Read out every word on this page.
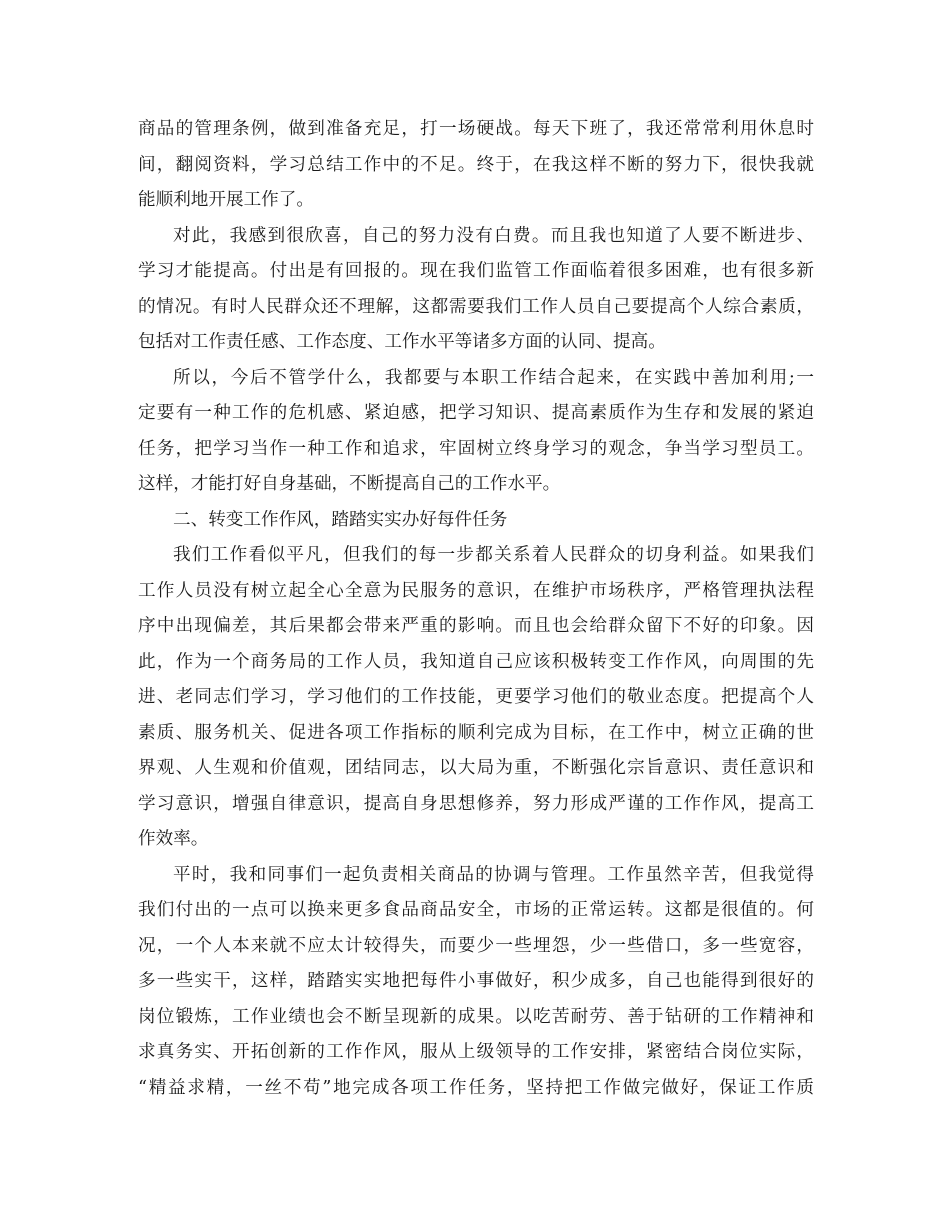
商品的管理条例，做到准备充足，打一场硬战。每天下班了，我还常常利用休息时
间，翻阅资料，学习总结工作中的不足。终于，在我这样不断的努力下，很快我就
能顺利地开展工作了。
对此，我感到很欣喜，自己的努力没有白费。而且我也知道了人要不断进步、
学习才能提高。付出是有回报的。现在我们监管工作面临着很多困难，也有很多新
的情况。有时人民群众还不理解，这都需要我们工作人员自己要提高个人综合素质，
包括对工作责任感、工作态度、工作水平等诸多方面的认同、提高。
所以，今后不管学什么，我都要与本职工作结合起来，在实践中善加利用;一
定要有一种工作的危机感、紧迫感，把学习知识、提高素质作为生存和发展的紧迫
任务，把学习当作一种工作和追求，牢固树立终身学习的观念，争当学习型员工。
这样，才能打好自身基础，不断提高自己的工作水平。
二、转变工作作风，踏踏实实办好每件任务
我们工作看似平凡，但我们的每一步都关系着人民群众的切身利益。如果我们
工作人员没有树立起全心全意为民服务的意识，在维护市场秩序，严格管理执法程
序中出现偏差，其后果都会带来严重的影响。而且也会给群众留下不好的印象。因
此，作为一个商务局的工作人员，我知道自己应该积极转变工作作风，向周围的先
进、老同志们学习，学习他们的工作技能，更要学习他们的敬业态度。把提高个人
素质、服务机关、促进各项工作指标的顺利完成为目标，在工作中，树立正确的世
界观、人生观和价值观，团结同志，以大局为重，不断强化宗旨意识、责任意识和
学习意识，增强自律意识，提高自身思想修养，努力形成严谨的工作作风，提高工
作效率。
平时，我和同事们一起负责相关商品的协调与管理。工作虽然辛苦，但我觉得
我们付出的一点可以换来更多食品商品安全，市场的正常运转。这都是很值的。何
况，一个人本来就不应太计较得失，而要少一些埋怨，少一些借口，多一些宽容，
多一些实干，这样，踏踏实实地把每件小事做好，积少成多，自己也能得到很好的
岗位锻炼，工作业绩也会不断呈现新的成果。以吃苦耐劳、善于钻研的工作精神和
求真务实、开拓创新的工作作风，服从上级领导的工作安排，紧密结合岗位实际，
“精益求精，一丝不苟”地完成各项工作任务，坚持把工作做完做好，保证工作质
